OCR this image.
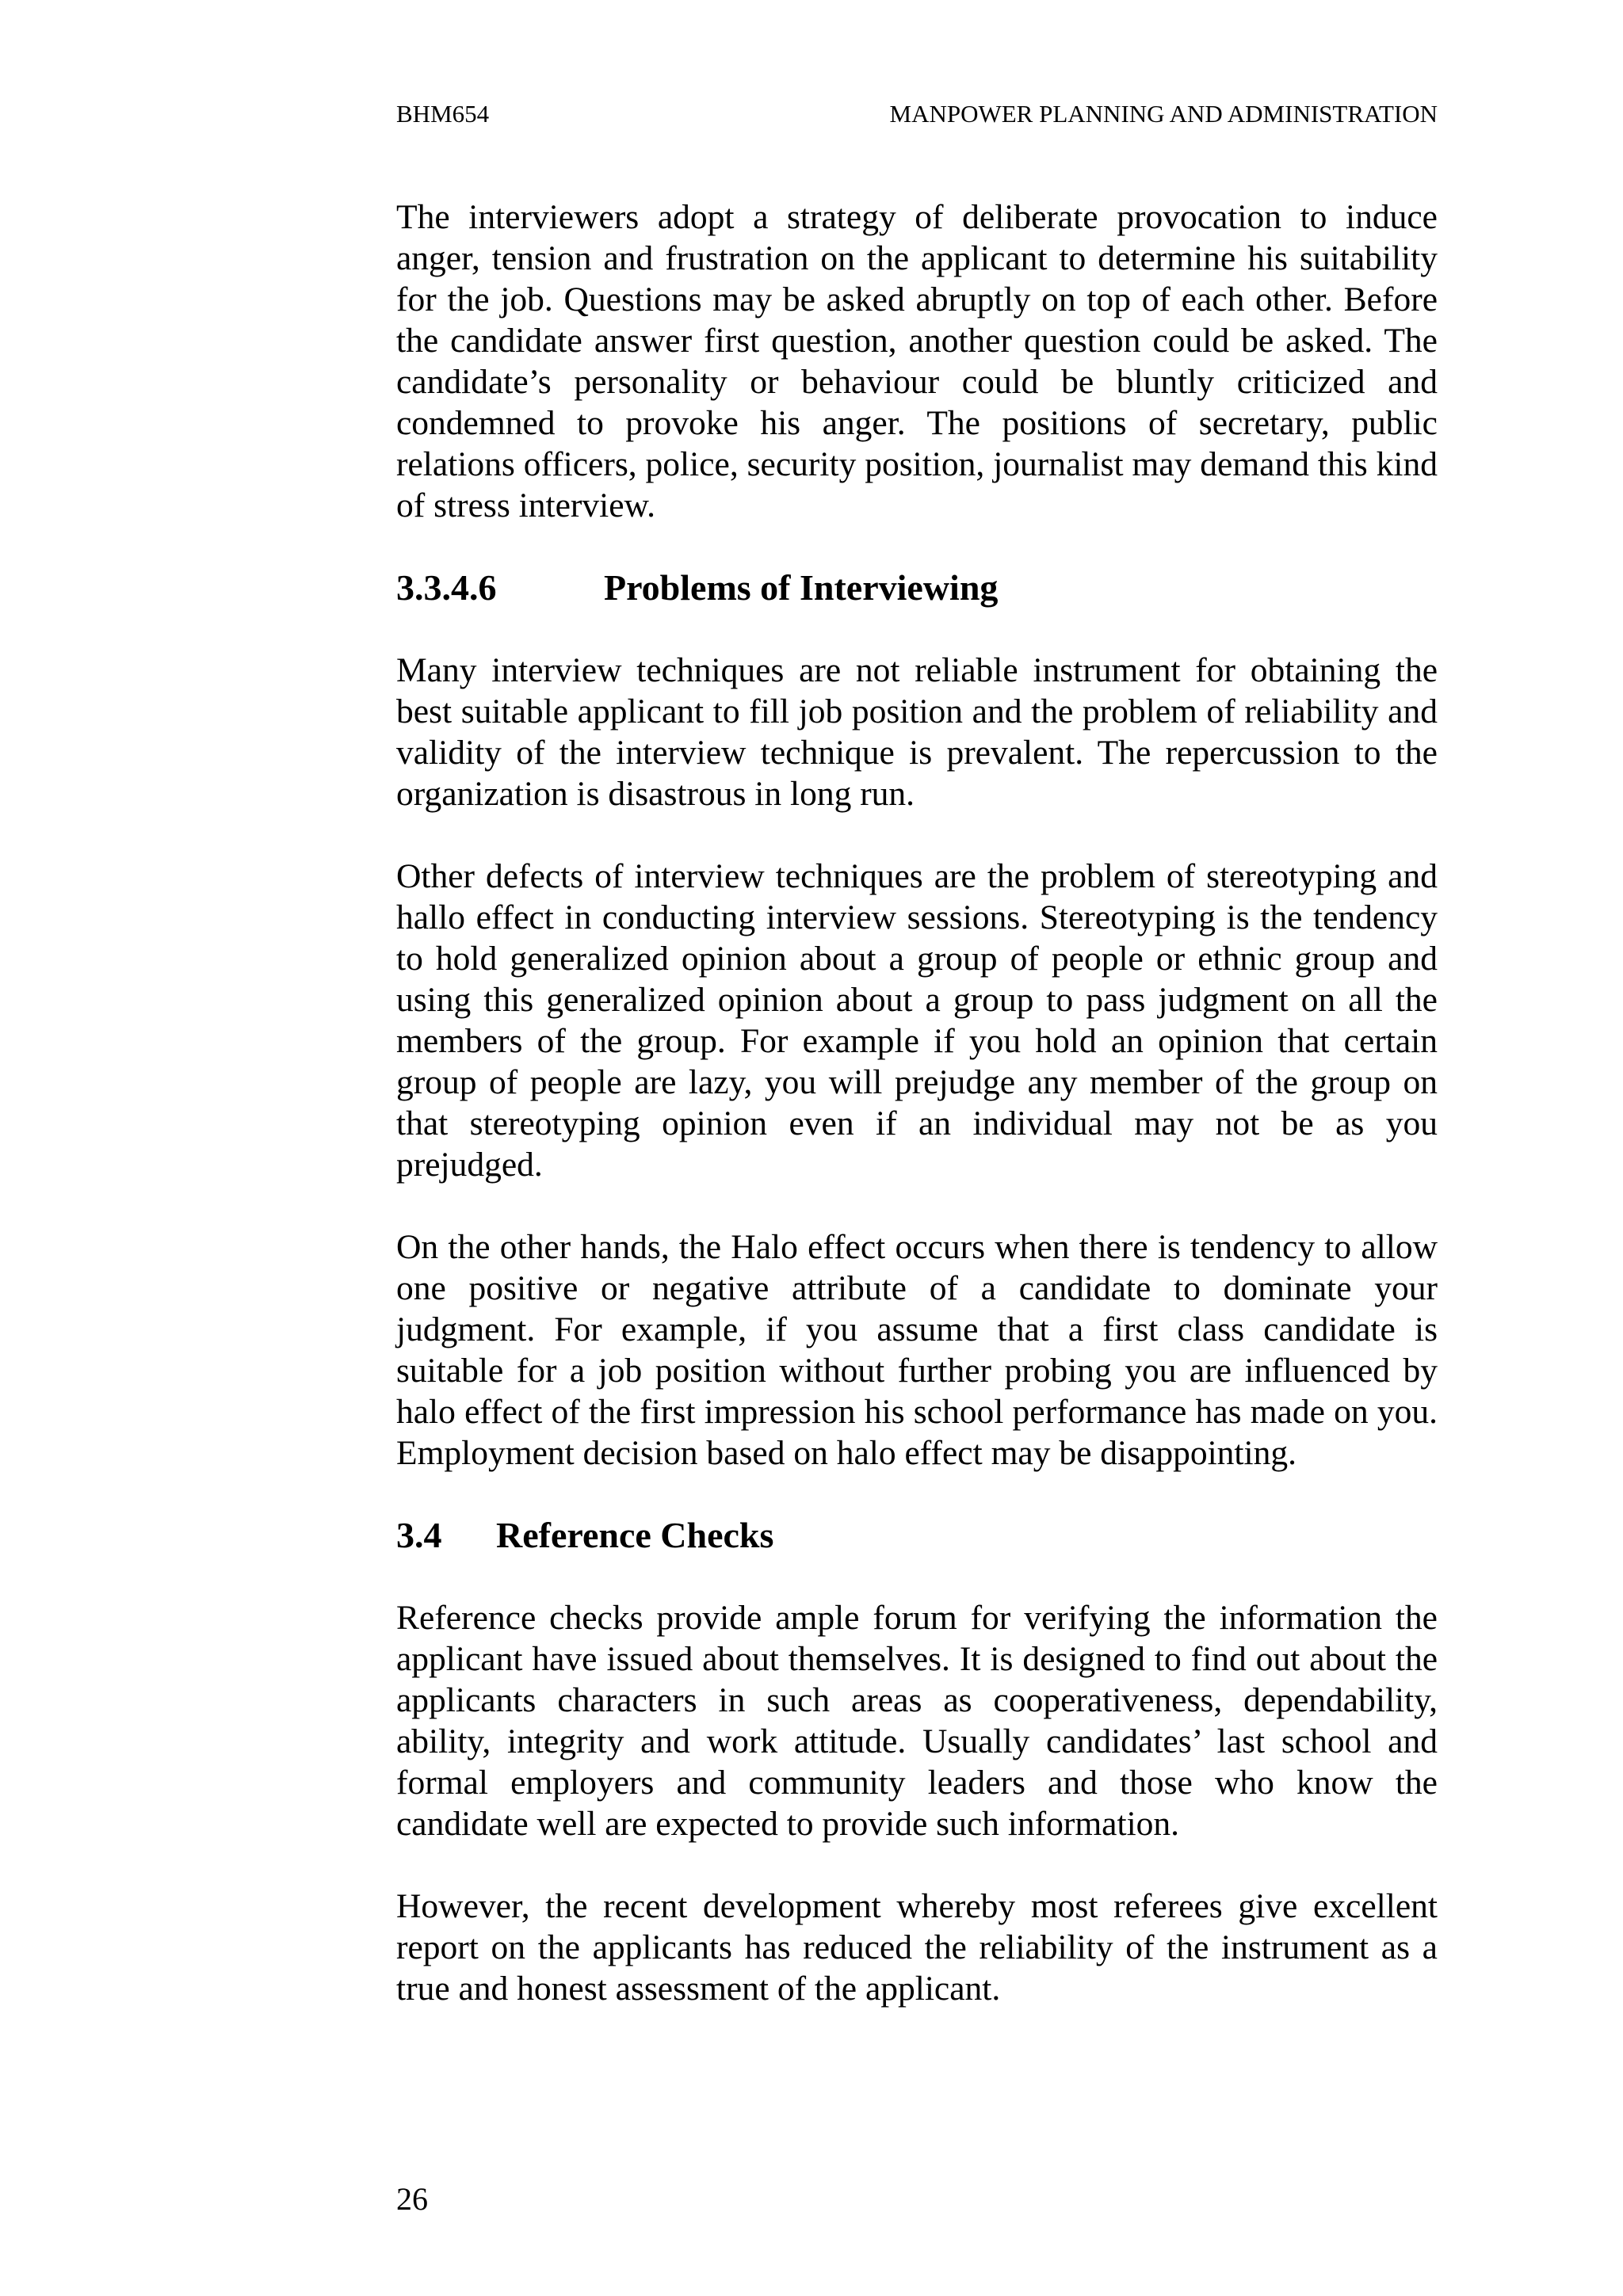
BHM654	MANPOWER PLANNING AND ADMINISTRATION

The interviewers adopt a strategy of deliberate provocation to induce anger, tension and frustration on the applicant to determine his suitability for the job. Questions may be asked abruptly on top of each other. Before the candidate answer first question, another question could be asked. The candidate’s personality or behaviour could be bluntly criticized and condemned to provoke his anger. The positions of secretary, public relations officers, police, security position, journalist may demand this kind of stress interview.

3.3.4.6	Problems of Interviewing

Many interview techniques are not reliable instrument for obtaining the best suitable applicant to fill job position and the problem of reliability and validity of the interview technique is prevalent. The repercussion to the organization is disastrous in long run.

Other defects of interview techniques are the problem of stereotyping and hallo effect in conducting interview sessions. Stereotyping is the tendency to hold generalized opinion about a group of people or ethnic group and using this generalized opinion about a group to pass judgment on all the members of the group. For example if you hold an opinion that certain group of people are lazy, you will prejudge any member of the group on that stereotyping opinion even if an individual may not be as you prejudged.

On the other hands, the Halo effect occurs when there is tendency to allow one positive or negative attribute of a candidate to dominate your judgment. For example, if you assume that a first class candidate is suitable for a job position without further probing you are influenced by halo effect of the first impression his school performance has made on you. Employment decision based on halo effect may be disappointing.

3.4 Reference Checks

Reference checks provide ample forum for verifying the information the applicant have issued about themselves. It is designed to find out about the applicants characters in such areas as cooperativeness, dependability, ability, integrity and work attitude. Usually candidates’ last school and formal employers and community leaders and those who know the candidate well are expected to provide such information.

However, the recent development whereby most referees give excellent report on the applicants has reduced the reliability of the instrument as a true and honest assessment of the applicant.

26
